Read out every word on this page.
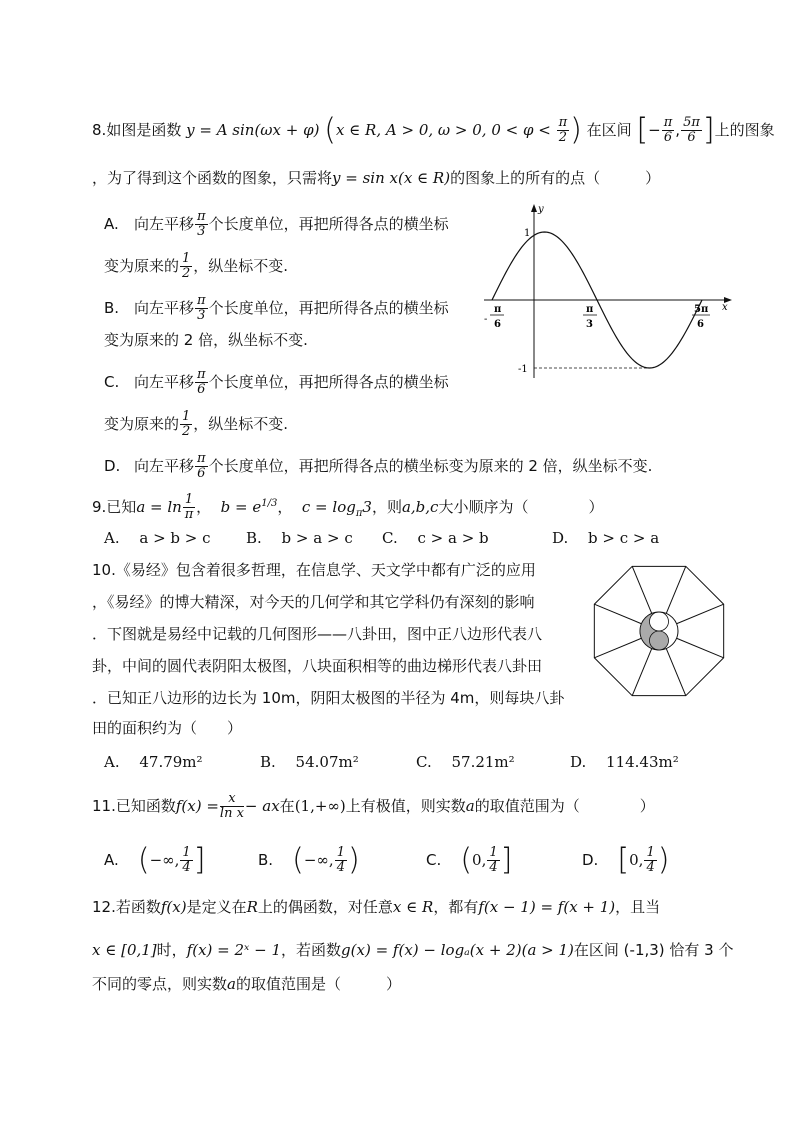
8.如图是函数 y = A sin(ωx + φ) (x ∈ R, A > 0, ω > 0, $0 < \varphi < \frac{\pi}{2}$ ) 在区间 [− $\frac{\pi}{6}$ , $\frac{5\pi}{6}$ ]上的图象
，为了得到这个函数的图象，只需将y = sin x(x ∈ R)的图象上的所有的点（　　　）
A. 向左平移 $\frac{\pi}{3}$ 个长度单位，再把所得各点的横坐标
变为原来的 $\frac{1}{2}$ ，纵坐标不变.
B. 向左平移 $\frac{\pi}{3}$ 个长度单位，再把所得各点的横坐标
变为原来的 2 倍，纵坐标不变.
C. 向左平移 $\frac{\pi}{6}$ 个长度单位，再把所得各点的横坐标
变为原来的 $\frac{1}{2}$ ，纵坐标不变.
D. 向左平移 $\frac{\pi}{6}$ 个长度单位，再把所得各点的横坐标变为原来的 2 倍，纵坐标不变.
y
x
1
-1
π
- 6
π
3
5π
6
9.已知$a = \ln \frac{1}{\pi}$ ，  $b = e^{1/3}$，  $c = \log_\pi 3$，则a,b,c大小顺序为（　　　　）
A.　 a > b > c B.　 b > a > c C.　 c > a > b	D.　 b > c > a
10.《易经》包含着很多哲理，在信息学、天文学中都有广泛的应用
，《易经》的博大精深，对今天的几何学和其它学科仍有深刻的影响
．下图就是易经中记载的几何图形——八卦田，图中正八边形代表八
卦，中间的圆代表阴阳太极图，八块面积相等的曲边梯形代表八卦田
．已知正八边形的边长为 10m，阴阳太极图的半径为 4m，则每块八卦
田的面积约为（　　）
A.　 47.79m²	B.　 54.07m²	C.　 57.21m²	D.　 114.43m²
11.已知函数$f(x) = \frac{x}{\text{ln x}}$ − ax在(1,+∞)上有极值，则实数a的取值范围为（　　　　）
A. (−∞, $\frac{1}{4}$ ]	B. (−∞, $\frac{1}{4}$ )	C. (0, $\frac{1}{4}$ ]	D. [0, $\frac{1}{4}$ )
12.若函数f(x)是定义在R上的偶函数，对任意x ∈ R，都有f(x − 1) = f(x + 1)，且当
x ∈ [0,1]时，f(x) = 2ˣ − 1，若函数g(x) = f(x) − logₐ(x + 2)(a > 1)在区间 (-1,3) 恰有 3 个
不同的零点，则实数a的取值范围是（　　　）
